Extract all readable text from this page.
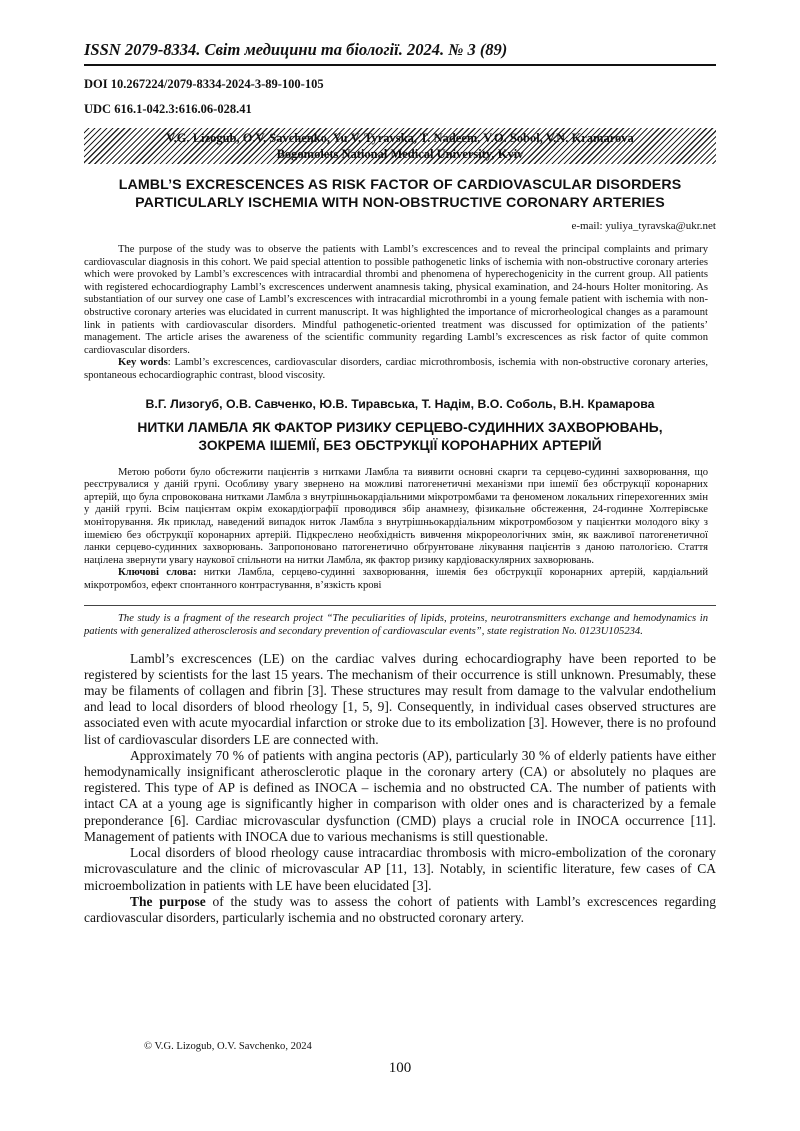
ISSN 2079-8334. Світ медицини та біології. 2024. № 3 (89)
DOI 10.267224/2079-8334-2024-3-89-100-105
UDC 616.1-042.3:616.06-028.41
V.G. Lizogub, O.V. Savchenko, Yu.V. Tyravska, T. Nadeem, V.O. Sobol, V.N. Kramarova
Bogomolets National Medical University, Kyiv
LAMBL’S EXCRESCENCES AS RISK FACTOR OF CARDIOVASCULAR DISORDERS
PARTICULARLY ISCHEMIA WITH NON-OBSTRUCTIVE CORONARY ARTERIES
e-mail: yuliya_tyravska@ukr.net
The purpose of the study was to observe the patients with Lambl’s excrescences and to reveal the principal complaints and primary cardiovascular diagnosis in this cohort. We paid special attention to possible pathogenetic links of ischemia with non-obstructive coronary arteries which were provoked by Lambl’s excrescences with intracardial thrombi and phenomena of hyperechogenicity in the current group. All patients with registered echocardiography Lambl’s excrescences underwent anamnesis taking, physical examination, and 24-hours Holter monitoring. As substantiation of our survey one case of Lambl’s excrescences with intracardial microthrombi in a young female patient with ischemia with non-obstructive coronary arteries was elucidated in current manuscript. It was highlighted the importance of microrheological changes as a paramount link in patients with cardiovascular disorders. Mindful pathogenetic-oriented treatment was discussed for optimization of the patients’ management. The article arises the awareness of the scientific community regarding Lambl’s excrescences as risk factor of quite common cardiovascular disorders.
Key words: Lambl’s excrescences, cardiovascular disorders, cardiac microthrombosis, ischemia with non-obstructive coronary arteries, spontaneous echocardiographic contrast, blood viscosity.
В.Г. Лизогуб, О.В. Савченко, Ю.В. Тиравська, Т. Надім, В.О. Соболь, В.Н. Крамарова
НИТКИ ЛАМБЛА ЯК ФАКТОР РИЗИКУ СЕРЦЕВО-СУДИННИХ ЗАХВОРЮВАНЬ,
ЗОКРЕМА ІШЕМІЇ, БЕЗ ОБСТРУКЦІЇ КОРОНАРНИХ АРТЕРІЙ
Метою роботи було обстежити пацієнтів з нитками Ламбла та виявити основні скарги та серцево-судинні захворювання, що реєструвалися у даній групі. Особливу увагу звернено на можливі патогенетичні механізми при ішемії без обструкції коронарних артерій, що була спровокована нитками Ламбла з внутрішньокардіальними мікротромбами та феноменом локальних гіперехогенних змін у даній групі. Всім пацієнтам окрім ехокардіографії проводився збір анамнезу, фізикальне обстеження, 24-годинне Холтерівське моніторування. Як приклад, наведений випадок ниток Ламбла з внутрішньокардіальним мікротромбозом у пацієнтки молодого віку з ішемією без обструкції коронарних артерій. Підкреслено необхідність вивчення мікрореологічних змін, як важливої патогенетичної ланки серцево-судинних захворювань. Запропоновано патогенетично обґрунтоване лікування пацієнтів з даною патологією. Стаття націлена звернути увагу наукової спільноти на нитки Ламбла, як фактор ризику кардіоваскулярних захворювань.
Ключові слова: нитки Ламбла, серцево-судинні захворювання, ішемія без обструкції коронарних артерій, кардіальний мікротромбоз, ефект спонтанного контрастування, в’язкість крові
The study is a fragment of the research project “The peculiarities of lipids, proteins, neurotransmitters exchange and hemodynamics in patients with generalized atherosclerosis and secondary prevention of cardiovascular events”, state registration No. 0123U105234.

Lambl’s excrescences (LE) on the cardiac valves during echocardiography have been reported to be registered by scientists for the last 15 years. The mechanism of their occurrence is still unknown. Presumably, these may be filaments of collagen and fibrin [3]. These structures may result from damage to the valvular endothelium and lead to local disorders of blood rheology [1, 5, 9]. Consequently, in individual cases observed structures are associated even with acute myocardial infarction or stroke due to its embolization [3]. However, there is no profound list of cardiovascular disorders LE are connected with.

Approximately 70 % of patients with angina pectoris (AP), particularly 30 % of elderly patients have either hemodynamically insignificant atherosclerotic plaque in the coronary artery (CA) or absolutely no plaques are registered. This type of AP is defined as INOCA – ischemia and no obstructed CA. The number of patients with intact CA at a young age is significantly higher in comparison with older ones and is characterized by a female preponderance [6]. Cardiac microvascular dysfunction (CMD) plays a crucial role in INOCA occurrence [11]. Management of patients with INOCA due to various mechanisms is still questionable.

Local disorders of blood rheology cause intracardiac thrombosis with micro-embolization of the coronary microvasculature and the clinic of microvascular AP [11, 13]. Notably, in scientific literature, few cases of CA microembolization in patients with LE have been elucidated [3].

The purpose of the study was to assess the cohort of patients with Lambl’s excrescences regarding cardiovascular disorders, particularly ischemia and no obstructed coronary artery.

© V.G. Lizogub, O.V. Savchenko, 2024
100
